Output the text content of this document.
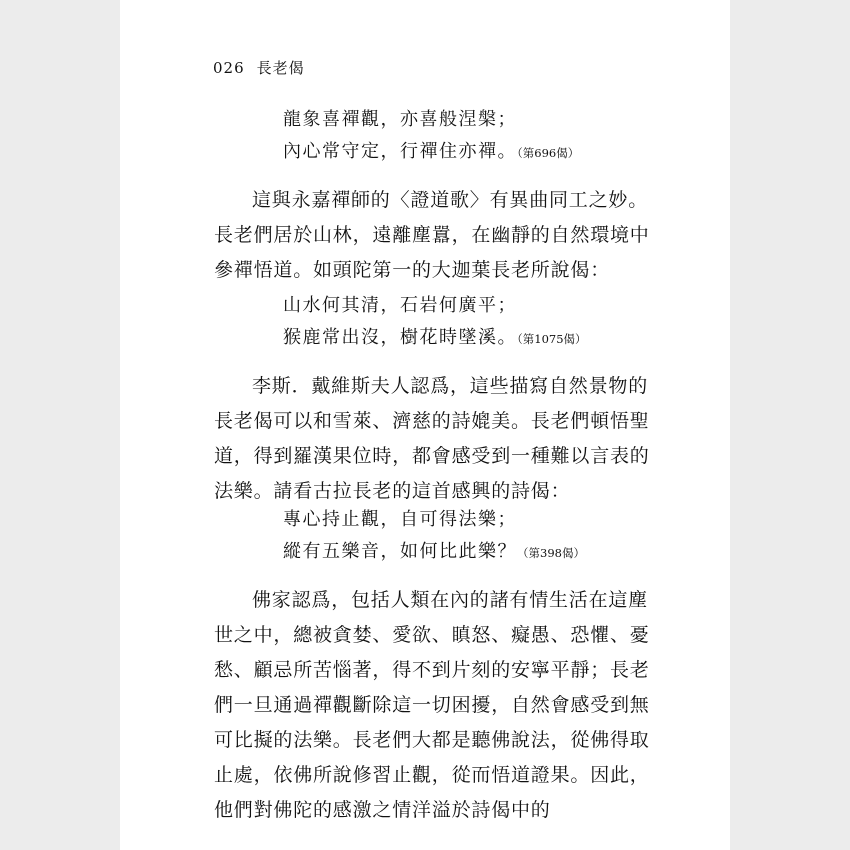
026 長老偈
龍象喜禪觀，亦喜般涅槃；
內心常守定，行禪住亦禪。（第696偈）

這與永嘉禪師的〈證道歌〉有異曲同工之妙。長老們居於山林，遠離塵囂，在幽靜的自然環境中參禪悟道。如頭陀第一的大迦葉長老所說偈：

山水何其清，石岩何廣平；
猴鹿常出沒，樹花時墜溪。（第1075偈）

李斯．戴維斯夫人認爲，這些描寫自然景物的長老偈可以和雪萊、濟慈的詩媲美。長老們頓悟聖道，得到羅漢果位時，都會感受到一種難以言表的法樂。請看古拉長老的這首感興的詩偈：

專心持止觀，自可得法樂；
縱有五樂音，如何比此樂？（第398偈）

佛家認爲，包括人類在內的諸有情生活在這塵世之中，總被貪婪、愛欲、瞋怒、癡愚、恐懼、憂愁、顧忌所苦惱著，得不到片刻的安寧平靜；長老們一旦通過禪觀斷除這一切困擾，自然會感受到無可比擬的法樂。長老們大都是聽佛說法，從佛得取止處，依佛所說修習止觀，從而悟道證果。因此，他們對佛陀的感激之情洋溢於詩偈中的
